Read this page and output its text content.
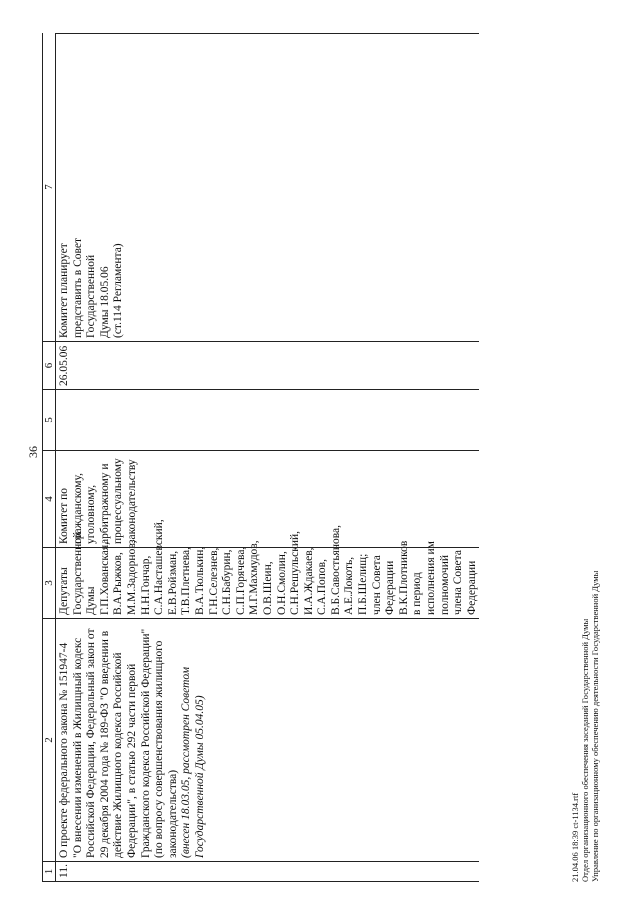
36
1
2
3
4
5
6
7
11.
О проекте федерального закона № 151947-4 "О внесении изменений в Жилищный кодекс Российской Федерации, Федеральный закон от 29 декабря 2004 года № 189-ФЗ "О введении в действие Жилищного кодекса Российской Федерации", в статью 292 части первой Гражданского кодекса Российской Федерации" (по вопросу совершенствования жилищного законодательства) (внесен 18.03.05, рассмотрен Советом Государственной Думы 05.04.05)
Депутаты Государственной Думы Г.П.Хованская, В.А.Рыжков, М.М.Задорнов, Н.Н.Гончар, С.А.Насташевский, Е.В.Ройзман, Т.В.Плетнева, В.А.Тюлькин, Г.Н.Селезнев, С.Н.Бабурин, С.П.Горячева, М.Г.Махмудов, О.В.Шеин, О.Н.Смолин, С.Н.Решульский, И.А.Ждакаев, С.А.Попов, В.Б.Савостьянова, А.Е.Локоть, П.Б.Шелищ; член Совета Федерации В.К.Плотников в период исполнения им полномочий члена Совета Федерации
Комитет по гражданскому, уголовному, арбитражному и процессуальному законодательству
26.05.06
Комитет планирует представить в Совет Государственной Думы 18.05.06 (ст.114 Регламента)
21.04.06 18:39 ct-1134.rtf Отдел организационного обеспечения заседаний Государственной Думы Управление по организационному обеспечению деятельности Государственной Думы
